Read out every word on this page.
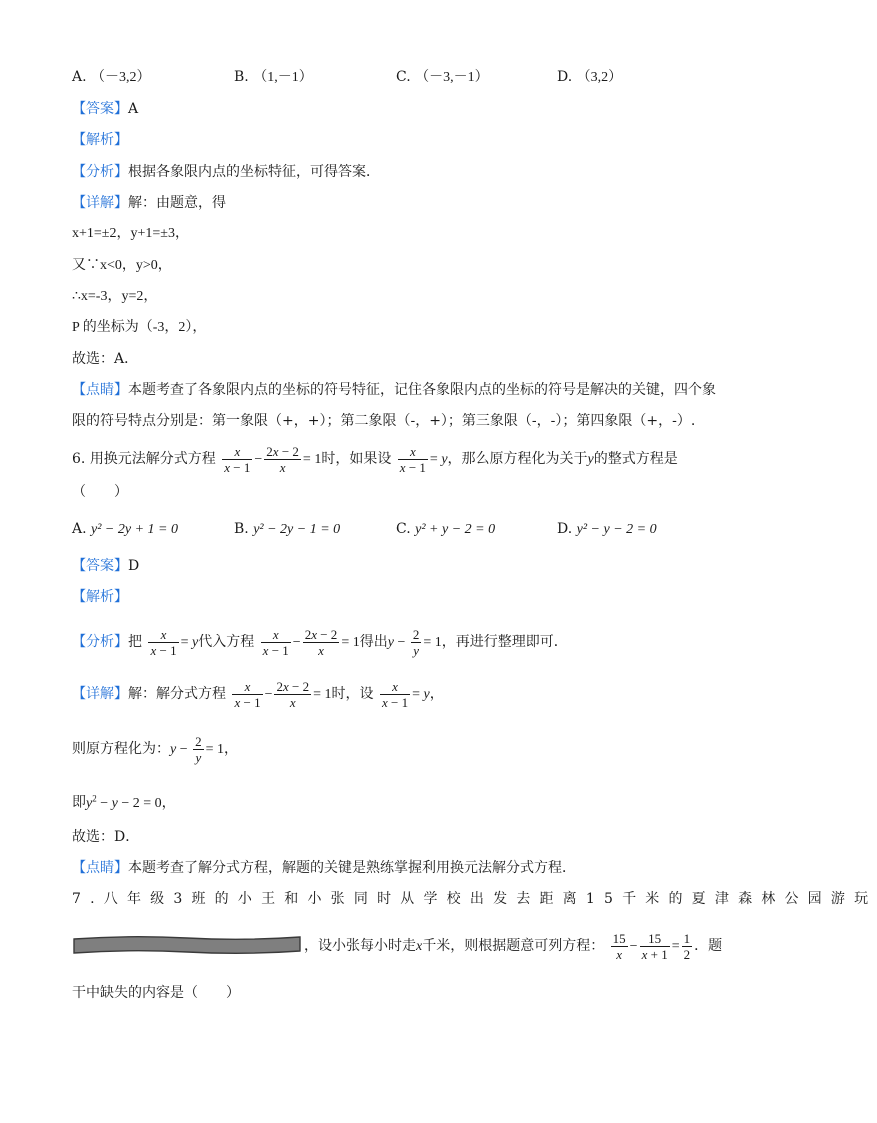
A. （－3,2）	B. （1,－1）	C. （－3,－1）	D. （3,2）
【答案】A
【解析】
【分析】根据各象限内点的坐标特征，可得答案．
【详解】解：由题意，得
x+1=±2，y+1=±3，
又∵x<0，y>0，
∴x=-3，y=2，
P 的坐标为（-3，2），
故选：A．
【点睛】本题考查了各象限内点的坐标的符号特征，记住各象限内点的坐标的符号是解决的关键，四个象
限的符号特点分别是：第一象限（+，+）；第二象限（-，+）；第三象限（-，-）；第四象限（+，-）.
6. 用换元法解分式方程 $\frac{x}{x - 1} - \frac{2x - 2}{x} = 1$时，如果设 $\frac{x}{x - 1} = y$，那么原方程化为关于y的整式方程是
（　　）
A. y² − 2y + 1 = 0	B. y² − 2y − 1 = 0	C. y² + y − 2 = 0	D. y² − y − 2 = 0
【答案】D
【解析】
【分析】把 $\frac{x}{x - 1} = y$代入方程 $\frac{x}{x - 1} - \frac{2x - 2}{x} = 1$得出$y - \frac{2}{y} = 1$，再进行整理即可．
【详解】解：解分式方程 $\frac{x}{x - 1} - \frac{2x - 2}{x} = 1$时，设 $\frac{x}{x - 1} = y$，
则原方程化为：$y - \frac{2}{y} = 1$，
即$y^2 - y - 2 = 0$，
故选：D．
【点睛】本题考查了解分式方程，解题的关键是熟练掌握利用换元法解分式方程．
7.八年级3班的小王和小张同时从学校出发去距离15千米的夏津森林公园游玩
，设小张每小时走x千米，则根据题意可列方程： $\frac{15}{x} - \frac{15}{x + 1} = \frac{1}{2}$ ．题
干中缺失的内容是（　　）
